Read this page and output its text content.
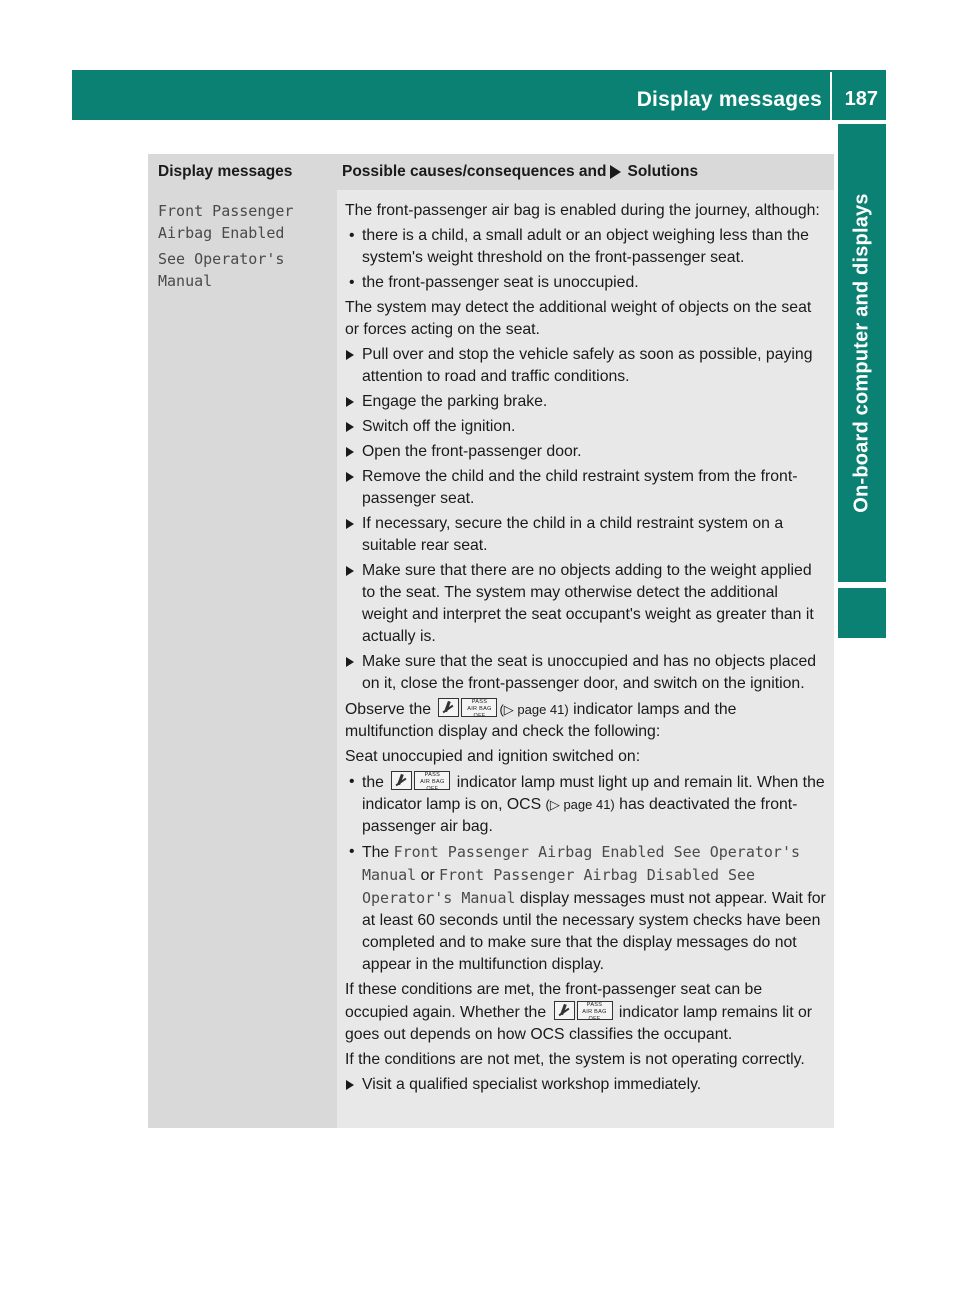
Display messages 187
On-board computer and displays
Display messages	Possible causes/consequences and Solutions
Front Passenger
Airbag Enabled
See Operator's
Manual

The front-passenger air bag is enabled during the journey, although:

• there is a child, a small adult or an object weighing less than the system's weight threshold on the front-passenger seat.
• the front-passenger seat is unoccupied.

The system may detect the additional weight of objects on the seat or forces acting on the seat.

Pull over and stop the vehicle safely as soon as possible, paying attention to road and traffic conditions.
Engage the parking brake.
Switch off the ignition.
Open the front-passenger door.
Remove the child and the child restraint system from the front-passenger seat.
If necessary, secure the child in a child restraint system on a suitable rear seat.
Make sure that there are no objects adding to the weight applied to the seat. The system may otherwise detect the additional weight and interpret the seat occupant's weight as greater than it actually is.
Make sure that the seat is unoccupied and has no objects placed on it, close the front-passenger door, and switch on the ignition.

Observe the	PASS
AIR BAG
OFF	(▷ page 41) indicator lamps and the multifunction display and check the following:

Seat unoccupied and ignition switched on:

• the	PASS
AIR BAG
OFF	indicator lamp must light up and remain lit. When the indicator lamp is on, OCS (▷ page 41) has deactivated the front-passenger air bag.
• The Front Passenger Airbag Enabled See Operator's Manual or Front Passenger Airbag Disabled See Operator's Manual display messages must not appear. Wait for at least 60 seconds until the necessary system checks have been completed and to make sure that the display messages do not appear in the multifunction display.

If these conditions are met, the front-passenger seat can be occupied again. Whether the	PASS
AIR BAG
OFF	indicator lamp remains lit or goes out depends on how OCS classifies the occupant.

If the conditions are not met, the system is not operating correctly.

Visit a qualified specialist workshop immediately.
